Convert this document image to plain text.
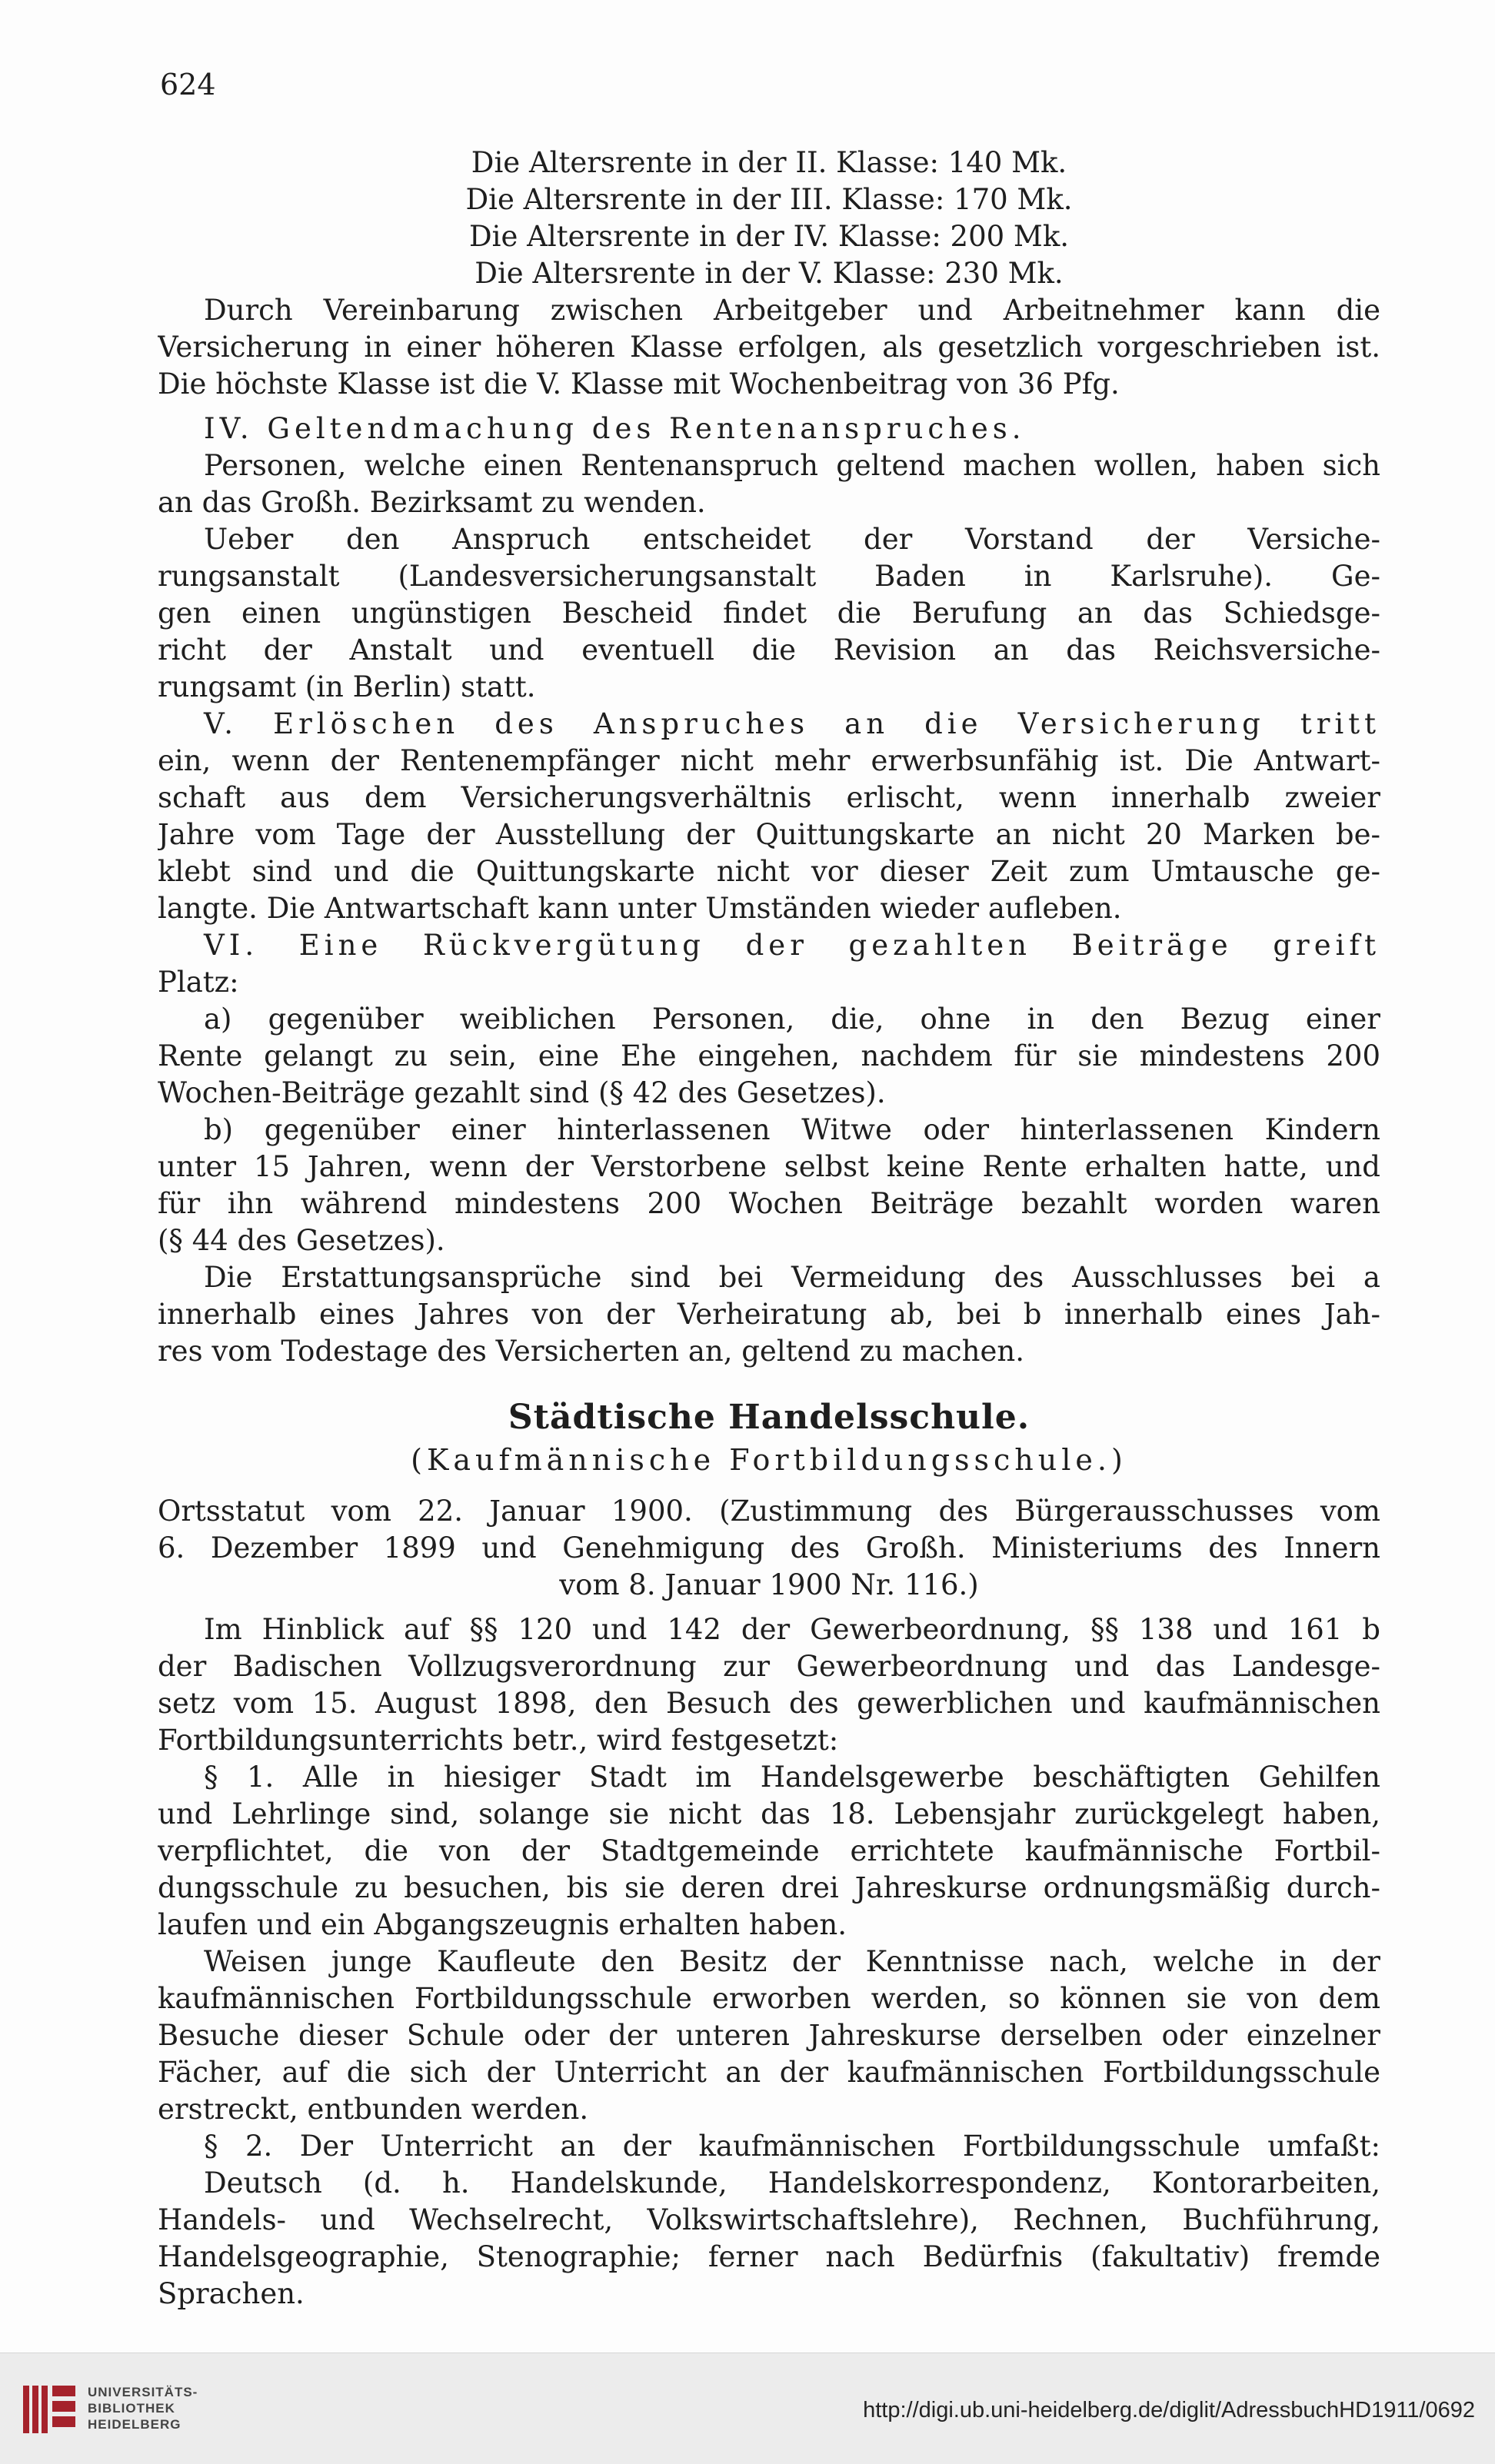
624
Die Altersrente in der II. Klasse: 140 Mk.
Die Altersrente in der III. Klasse: 170 Mk.
Die Altersrente in der IV. Klasse: 200 Mk.
Die Altersrente in der V. Klasse: 230 Mk.
Durch Vereinbarung zwischen Arbeitgeber und Arbeitnehmer kann die
Versicherung in einer höheren Klasse erfolgen, als gesetzlich vorgeschrieben ist.
Die höchste Klasse ist die V. Klasse mit Wochenbeitrag von 36 Pfg.
IV. Geltendmachung des Rentenanspruches.
Personen, welche einen Rentenanspruch geltend machen wollen, haben sich
an das Großh. Bezirksamt zu wenden.
Ueber den Anspruch entscheidet der Vorstand der Versiche-
rungsanstalt (Landesversicherungsanstalt Baden in Karlsruhe). Ge-
gen einen ungünstigen Bescheid findet die Berufung an das Schiedsge-
richt der Anstalt und eventuell die Revision an das Reichsversiche-
rungsamt (in Berlin) statt.
V. Erlöschen des Anspruches an die Versicherung tritt
ein, wenn der Rentenempfänger nicht mehr erwerbsunfähig ist. Die Antwart-
schaft aus dem Versicherungsverhältnis erlischt, wenn innerhalb zweier
Jahre vom Tage der Ausstellung der Quittungskarte an nicht 20 Marken be-
klebt sind und die Quittungskarte nicht vor dieser Zeit zum Umtausche ge-
langte. Die Antwartschaft kann unter Umständen wieder aufleben.
VI. Eine Rückvergütung der gezahlten Beiträge greift
Platz:
a) gegenüber weiblichen Personen, die, ohne in den Bezug einer
Rente gelangt zu sein, eine Ehe eingehen, nachdem für sie mindestens 200
Wochen-Beiträge gezahlt sind (§ 42 des Gesetzes).
b) gegenüber einer hinterlassenen Witwe oder hinterlassenen Kindern
unter 15 Jahren, wenn der Verstorbene selbst keine Rente erhalten hatte, und
für ihn während mindestens 200 Wochen Beiträge bezahlt worden waren
(§ 44 des Gesetzes).
Die Erstattungsansprüche sind bei Vermeidung des Ausschlusses bei a
innerhalb eines Jahres von der Verheiratung ab, bei b innerhalb eines Jah-
res vom Todestage des Versicherten an, geltend zu machen.
Städtische Handelsschule.
(Kaufmännische Fortbildungsschule.)
Ortsstatut vom 22. Januar 1900. (Zustimmung des Bürgerausschusses vom
6. Dezember 1899 und Genehmigung des Großh. Ministeriums des Innern
vom 8. Januar 1900 Nr. 116.)
Im Hinblick auf §§ 120 und 142 der Gewerbeordnung, §§ 138 und 161 b
der Badischen Vollzugsverordnung zur Gewerbeordnung und das Landesge-
setz vom 15. August 1898, den Besuch des gewerblichen und kaufmännischen
Fortbildungsunterrichts betr., wird festgesetzt:
§ 1. Alle in hiesiger Stadt im Handelsgewerbe beschäftigten Gehilfen
und Lehrlinge sind, solange sie nicht das 18. Lebensjahr zurückgelegt haben,
verpflichtet, die von der Stadtgemeinde errichtete kaufmännische Fortbil-
dungsschule zu besuchen, bis sie deren drei Jahreskurse ordnungsmäßig durch-
laufen und ein Abgangszeugnis erhalten haben.
Weisen junge Kaufleute den Besitz der Kenntnisse nach, welche in der
kaufmännischen Fortbildungsschule erworben werden, so können sie von dem
Besuche dieser Schule oder der unteren Jahreskurse derselben oder einzelner
Fächer, auf die sich der Unterricht an der kaufmännischen Fortbildungsschule
erstreckt, entbunden werden.
§ 2. Der Unterricht an der kaufmännischen Fortbildungsschule umfaßt:
Deutsch (d. h. Handelskunde, Handelskorrespondenz, Kontorarbeiten,
Handels- und Wechselrecht, Volkswirtschaftslehre), Rechnen, Buchführung,
Handelsgeographie, Stenographie; ferner nach Bedürfnis (fakultativ) fremde
Sprachen.
UNIVERSITÄTS-
BIBLIOTHEK
HEIDELBERG
http://digi.ub.uni-heidelberg.de/diglit/AdressbuchHD1911/0692
